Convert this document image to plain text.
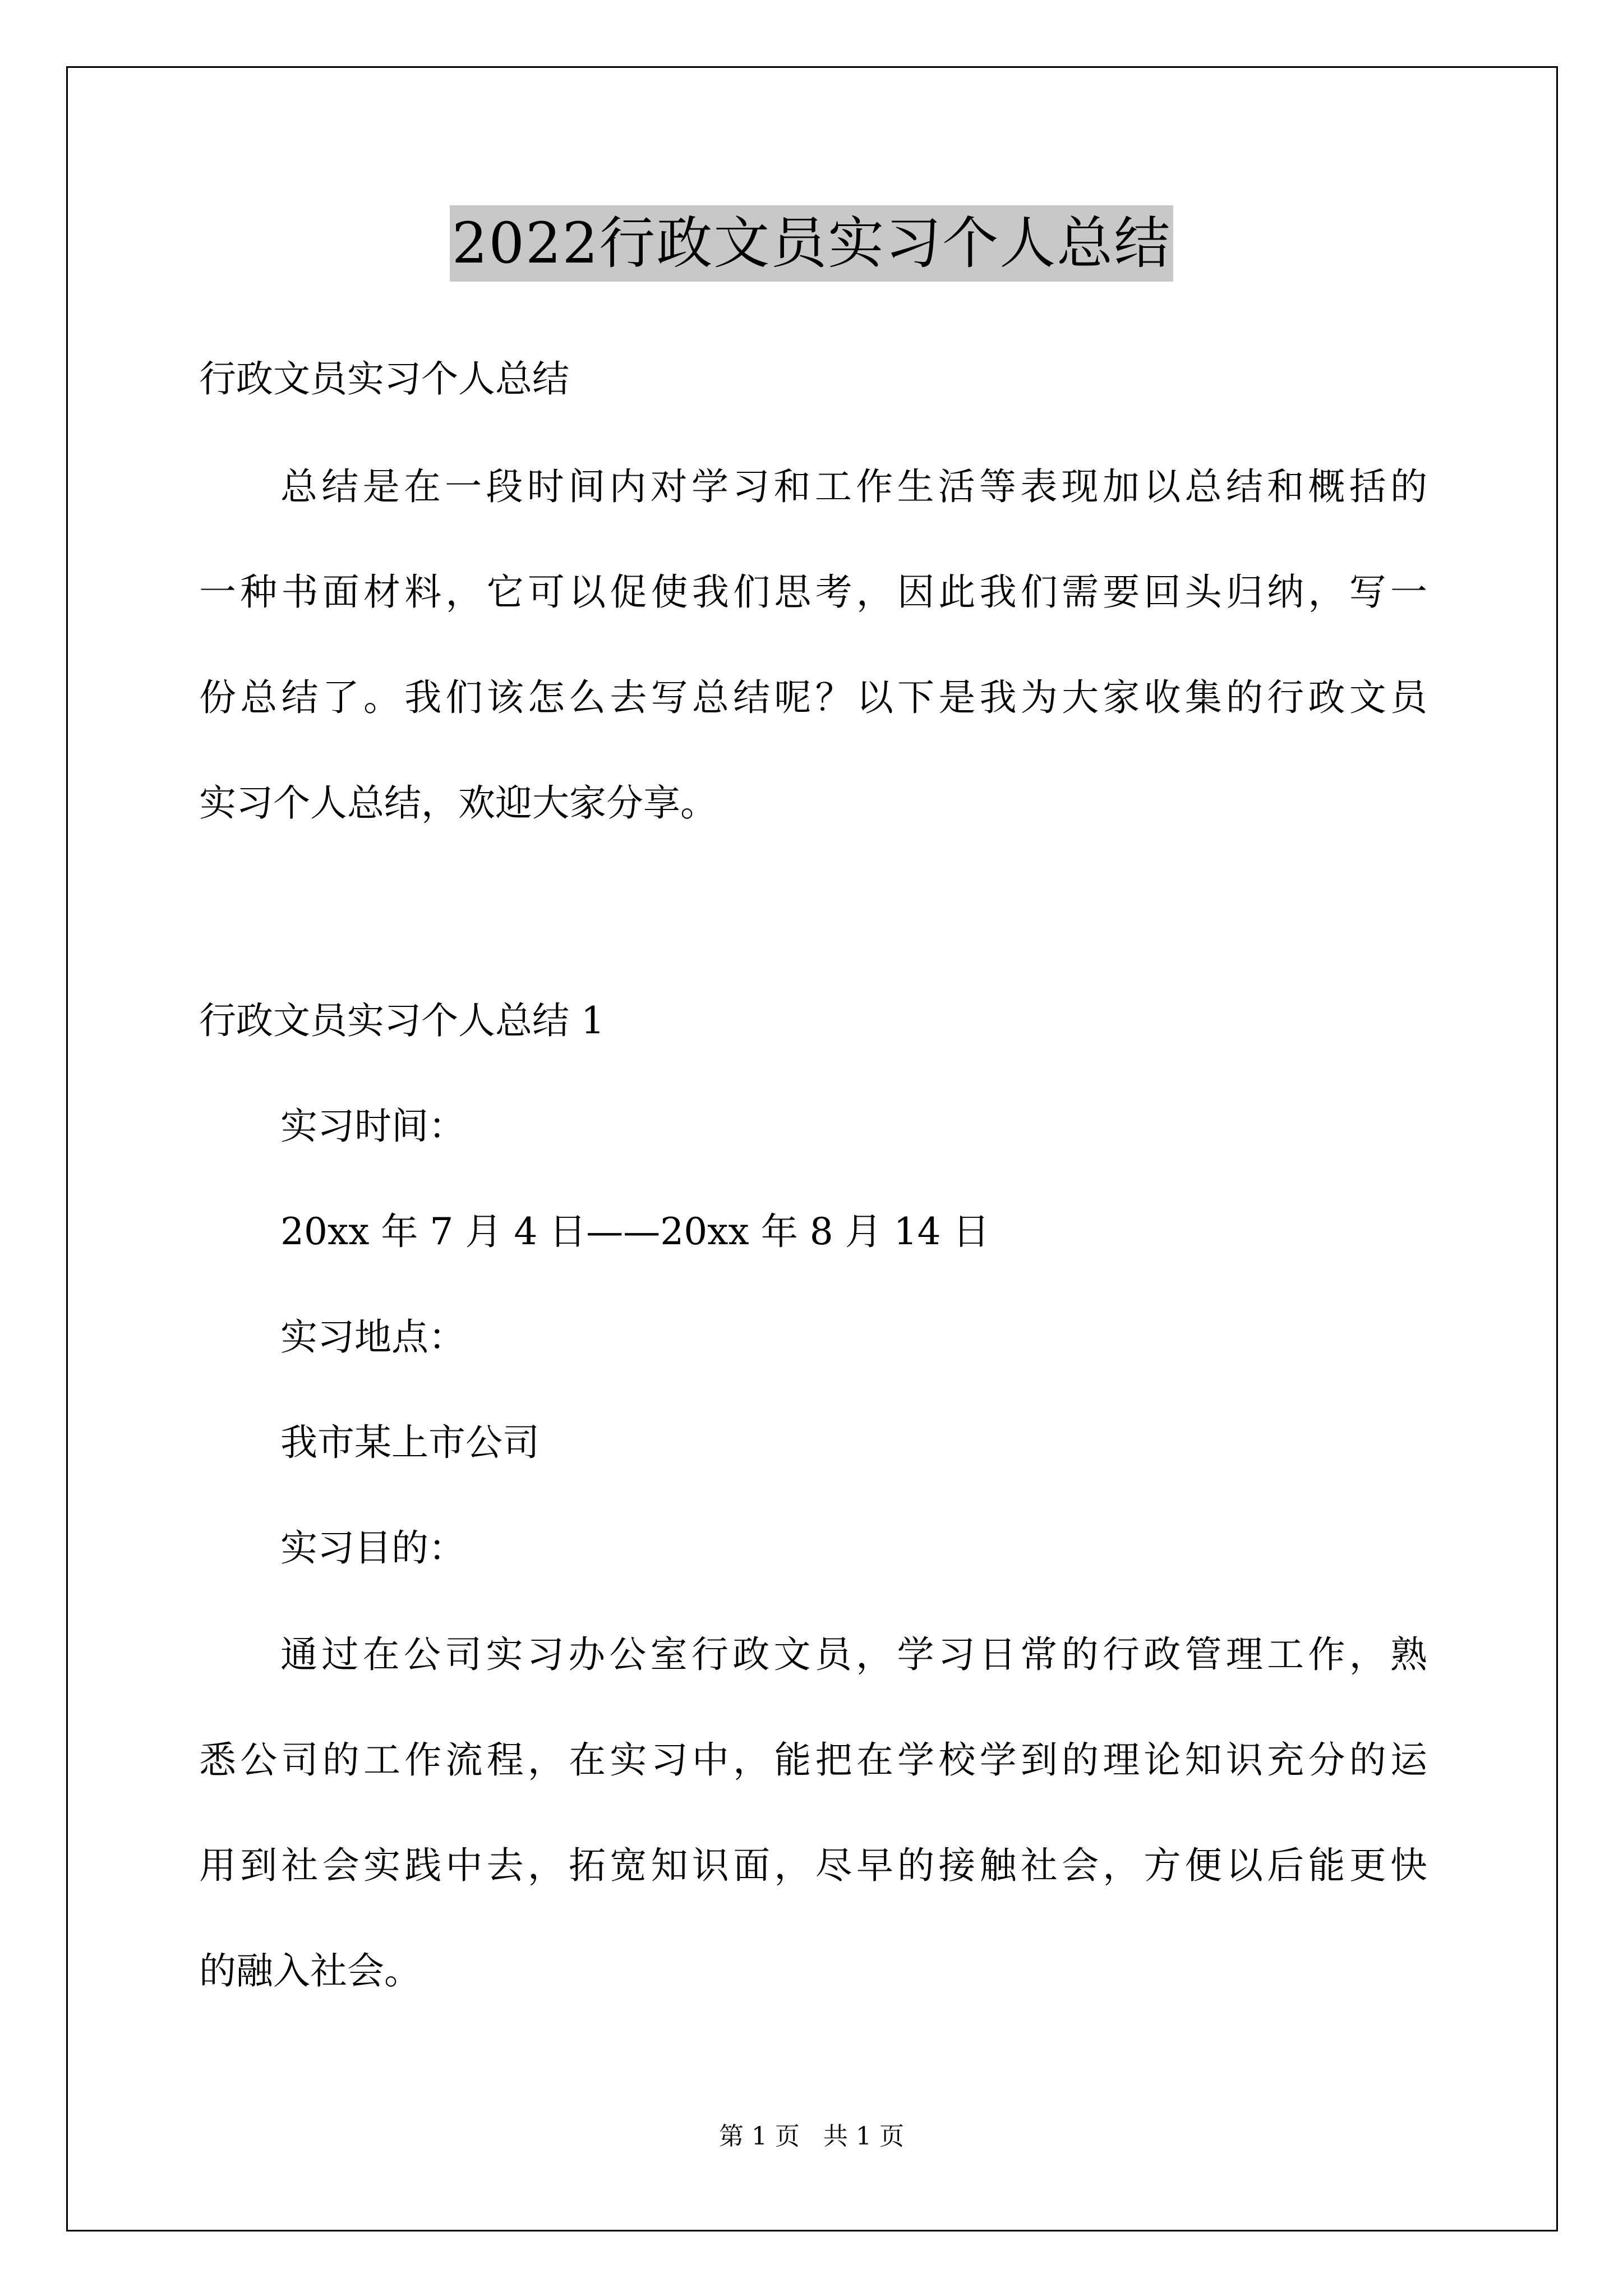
2022行政文员实习个人总结
行政文员实习个人总结
总结是在一段时间内对学习和工作生活等表现加以总结和概括的
一种书面材料，它可以促使我们思考，因此我们需要回头归纳，写一
份总结了。我们该怎么去写总结呢？以下是我为大家收集的行政文员
实习个人总结，欢迎大家分享。
行政文员实习个人总结 1
实习时间：
20xx 年 7 月 4 日——20xx 年 8 月 14 日
实习地点：
我市某上市公司
实习目的：
通过在公司实习办公室行政文员，学习日常的行政管理工作，熟
悉公司的工作流程，在实习中，能把在学校学到的理论知识充分的运
用到社会实践中去，拓宽知识面，尽早的接触社会，方便以后能更快
的融入社会。
第 1 页   共 1 页
